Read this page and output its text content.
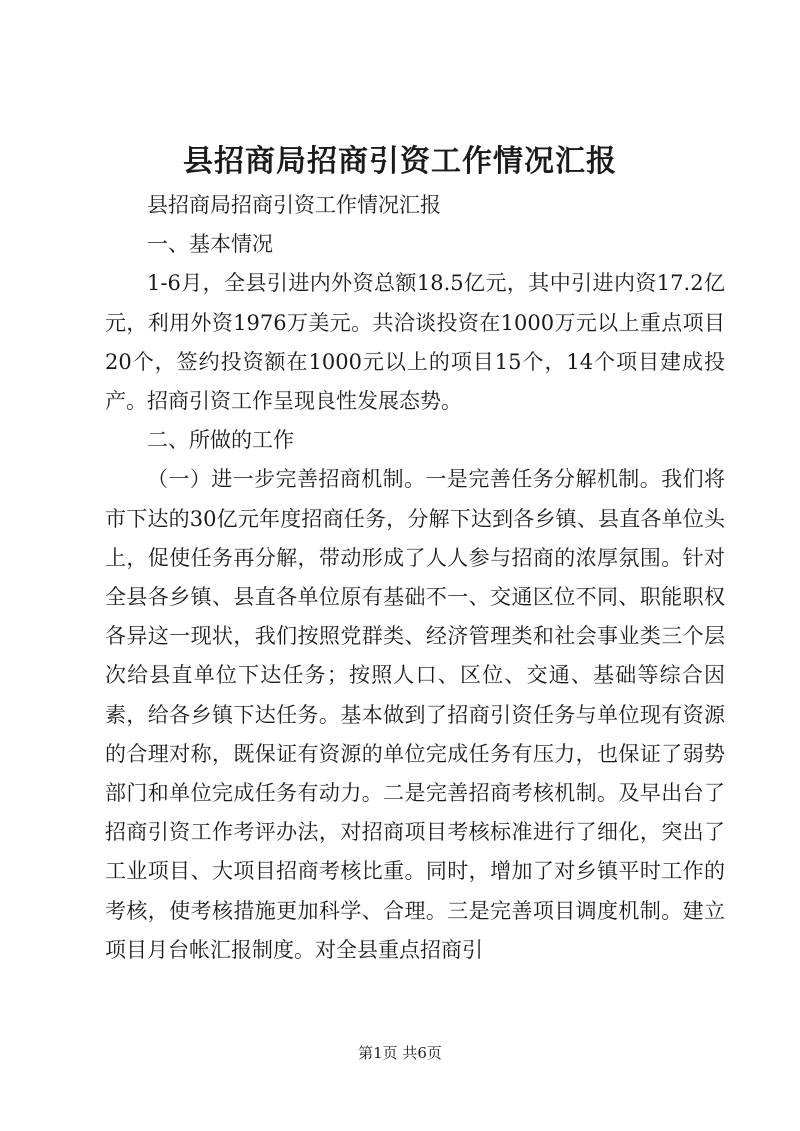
县招商局招商引资工作情况汇报

县招商局招商引资工作情况汇报

一、基本情况

1-6月，全县引进内外资总额18.5亿元，其中引进内资17.2亿元，利用外资1976万美元。共洽谈投资在1000万元以上重点项目20个，签约投资额在1000元以上的项目15个，14个项目建成投产。招商引资工作呈现良性发展态势。

二、所做的工作

（一）进一步完善招商机制。一是完善任务分解机制。我们将市下达的30亿元年度招商任务，分解下达到各乡镇、县直各单位头上，促使任务再分解，带动形成了人人参与招商的浓厚氛围。针对全县各乡镇、县直各单位原有基础不一、交通区位不同、职能职权各异这一现状，我们按照党群类、经济管理类和社会事业类三个层次给县直单位下达任务；按照人口、区位、交通、基础等综合因素，给各乡镇下达任务。基本做到了招商引资任务与单位现有资源的合理对称，既保证有资源的单位完成任务有压力，也保证了弱势部门和单位完成任务有动力。二是完善招商考核机制。及早出台了招商引资工作考评办法，对招商项目考核标准进行了细化，突出了工业项目、大项目招商考核比重。同时，增加了对乡镇平时工作的考核，使考核措施更加科学、合理。三是完善项目调度机制。建立项目月台帐汇报制度。对全县重点招商引

第1页 共6页
